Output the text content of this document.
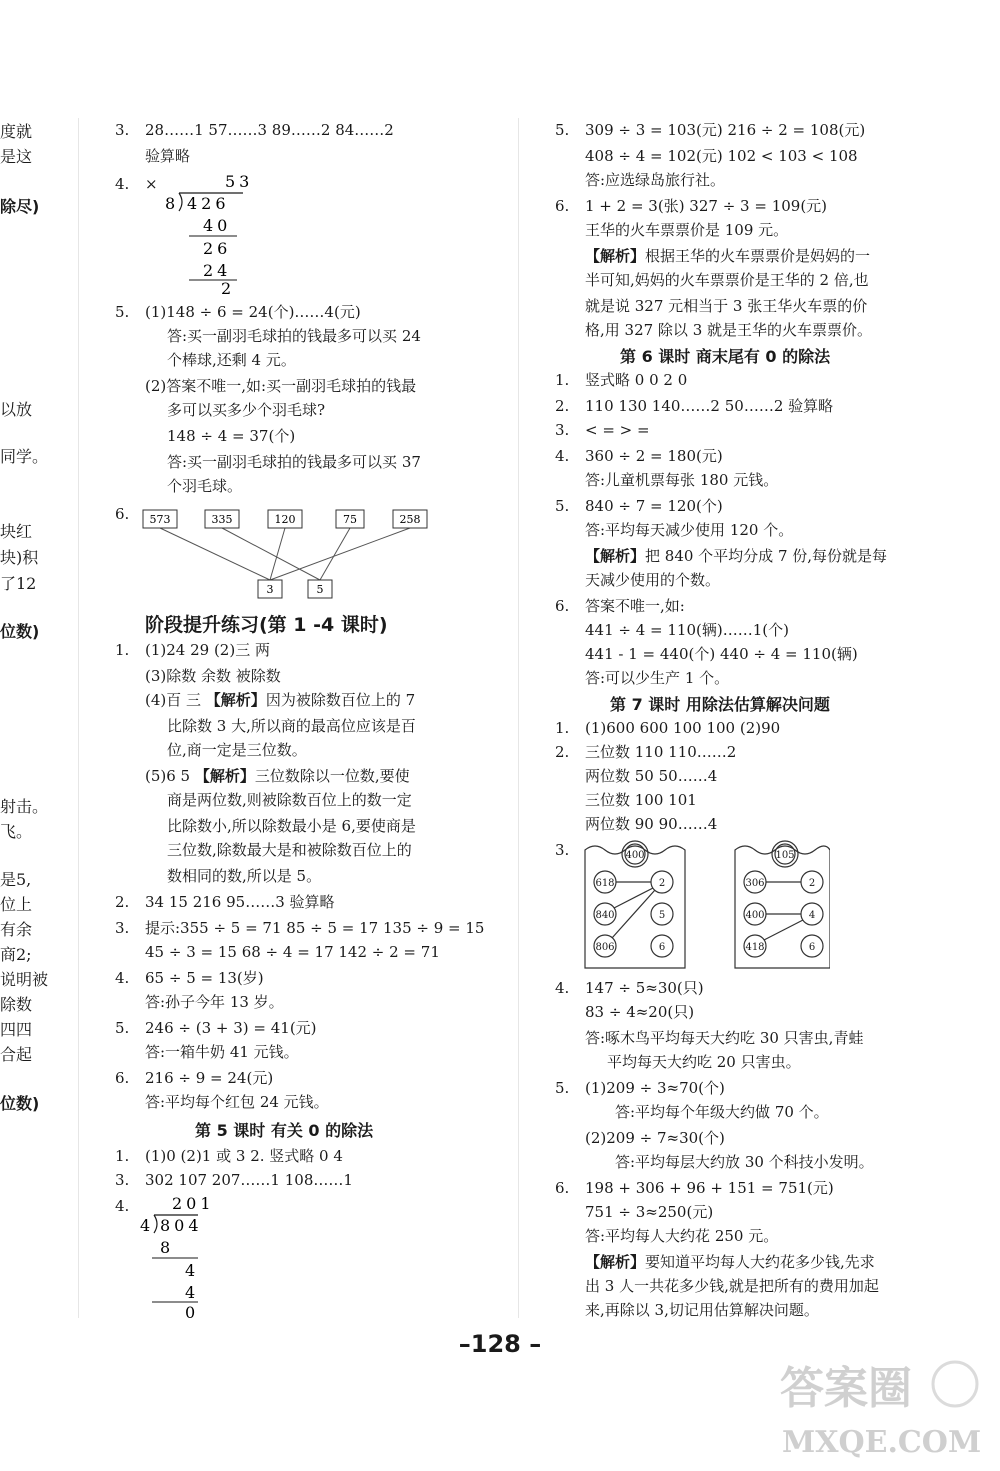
度就
是这
除尽)
以放
同学。
块红
块)积
了12
位数)
射击。
飞。
是5,
位上
有余
商2;
说明被
除数
四四
合起
位数)
3. 28……1 57……3 89……2 84……2
验算略
4. ×	53
8 426
40
26
24
2
5. (1)148 ÷ 6 = 24(个)……4(元)
答:买一副羽毛球拍的钱最多可以买 24
个棒球,还剩 4 元。
(2)答案不唯一,如:买一副羽毛球拍的钱最
多可以买多少个羽毛球?
148 ÷ 4 = 37(个)
答:买一副羽毛球拍的钱最多可以买 37
个羽毛球。
6.	573	335	120	75	258
3	5
阶段提升练习(第 1 -4 课时)
1. (1)24 29 (2)三 两
(3)除数 余数 被除数
(4)百 三 【解析】因为被除数百位上的 7
比除数 3 大,所以商的最高位应该是百
位,商一定是三位数。
(5)6 5 【解析】三位数除以一位数,要使
商是两位数,则被除数百位上的数一定
比除数小,所以除数最小是 6,要使商是
三位数,除数最大是和被除数百位上的
数相同的数,所以是 5。
2. 34 15 216 95……3 验算略
3. 提示:355 ÷ 5 = 71 85 ÷ 5 = 17 135 ÷ 9 = 15
45 ÷ 3 = 15 68 ÷ 4 = 17 142 ÷ 2 = 71
4. 65 ÷ 5 = 13(岁)
答:孙子今年 13 岁。
5. 246 ÷ (3 + 3) = 41(元)
答:一箱牛奶 41 元钱。
6. 216 ÷ 9 = 24(元)
答:平均每个红包 24 元钱。
第 5 课时 有关 0 的除法
1. (1)0 (2)1 或 3 2. 竖式略 0 4
3. 302 107 207……1 108……1
4.	201
4 804
8
4
4
0
5. 309 ÷ 3 = 103(元) 216 ÷ 2 = 108(元)
408 ÷ 4 = 102(元) 102 < 103 < 108
答:应选绿岛旅行社。
6. 1 + 2 = 3(张) 327 ÷ 3 = 109(元)
王华的火车票票价是 109 元。
【解析】根据王华的火车票票价是妈妈的一
半可知,妈妈的火车票票价是王华的 2 倍,也
就是说 327 元相当于 3 张王华火车票的价
格,用 327 除以 3 就是王华的火车票票价。
第 6 课时 商末尾有 0 的除法
1. 竖式略 0 0 2 0
2. 110 130 140……2 50……2 验算略
3. < = > =
4. 360 ÷ 2 = 180(元)
答:儿童机票每张 180 元钱。
5. 840 ÷ 7 = 120(个)
答:平均每天减少使用 120 个。
【解析】把 840 个平均分成 7 份,每份就是每
天减少使用的个数。
6. 答案不唯一,如:
441 ÷ 4 = 110(辆)……1(个)
441 - 1 = 440(个) 440 ÷ 4 = 110(辆)
答:可以少生产 1 个。
第 7 课时 用除法估算解决问题
1. (1)600 600 100 100 (2)90
2. 三位数 110 110……2
两位数 50 50……4
三位数 100 101
两位数 90 90……4
3.	400
618
840
806
2
5
6
105
306
400
418
2
4
6
4. 147 ÷ 5≈30(只)
83 ÷ 4≈20(只)
答:啄木鸟平均每天大约吃 30 只害虫,青蛙
平均每天大约吃 20 只害虫。
5. (1)209 ÷ 3≈70(个)
答:平均每个年级大约做 70 个。
(2)209 ÷ 7≈30(个)
答:平均每层大约放 30 个科技小发明。
6. 198 + 306 + 96 + 151 = 751(元)
751 ÷ 3≈250(元)
答:平均每人大约花 250 元。
【解析】要知道平均每人大约花多少钱,先求
出 3 人一共花多少钱,就是把所有的费用加起
来,再除以 3,切记用估算解决问题。
–128 –
答案圈
MXQE.COM
